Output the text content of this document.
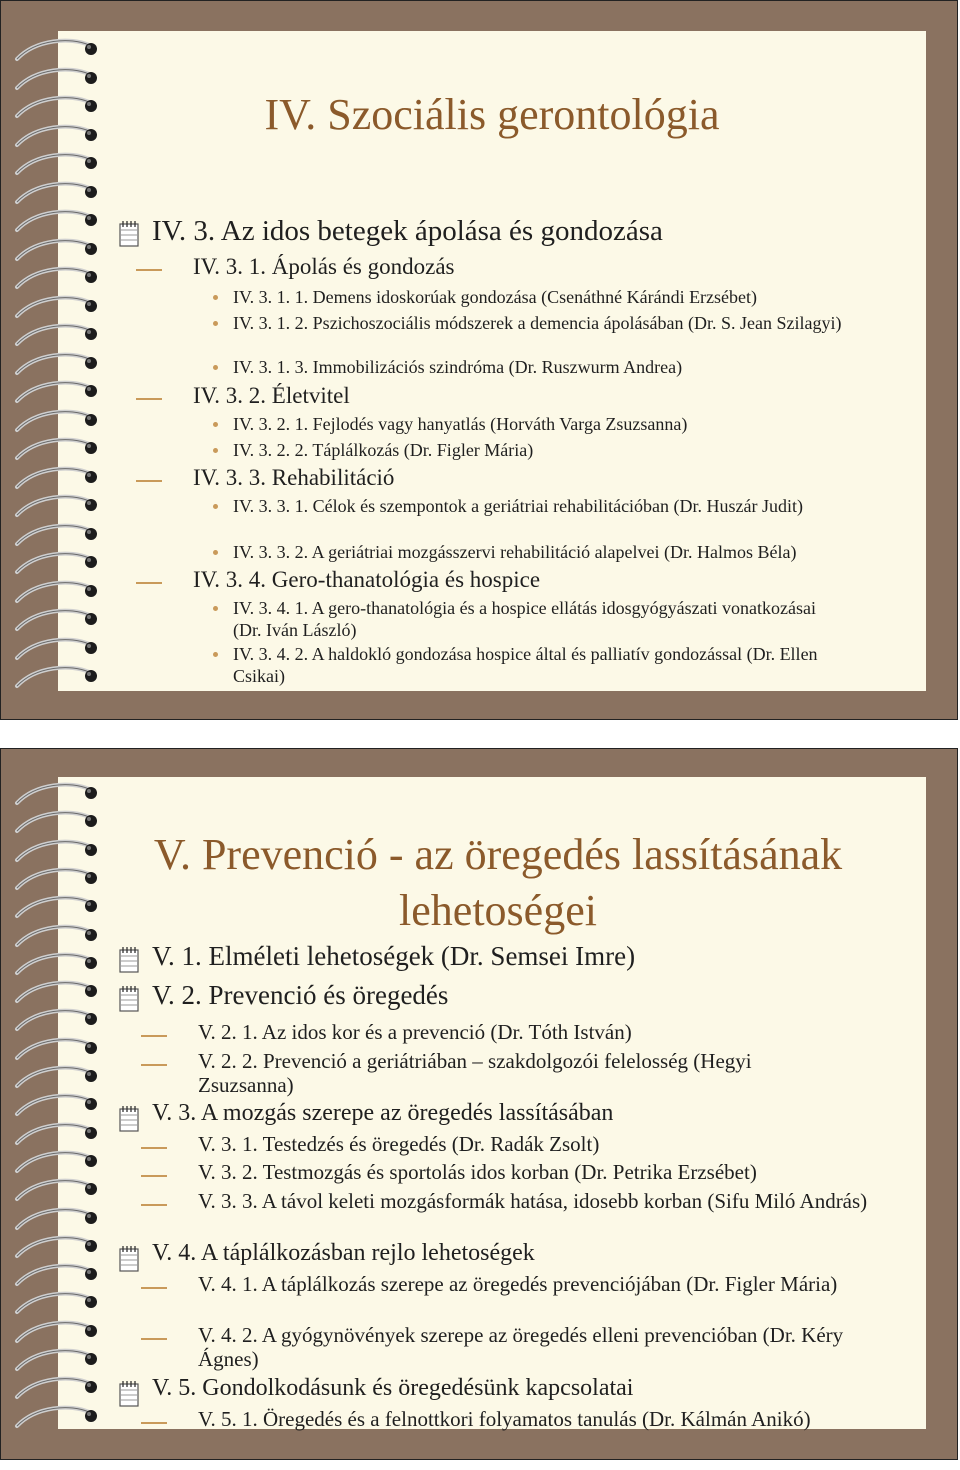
IV. Szociális gerontológia
IV. 3. Az idos betegek ápolása és gondozása
IV. 3. 1. Ápolás és gondozás
IV. 3. 1. 1. Demens idoskorúak gondozása (Csenáthné Kárándi Erzsébet)
IV. 3. 1. 2. Pszichoszociális módszerek a demencia ápolásában (Dr. S. Jean Szilagyi)
IV. 3. 1. 3. Immobilizációs szindróma (Dr. Ruszwurm Andrea)
IV. 3. 2. Életvitel
IV. 3. 2. 1. Fejlodés vagy hanyatlás (Horváth Varga Zsuzsanna)
IV. 3. 2. 2. Táplálkozás (Dr. Figler Mária)
IV. 3. 3. Rehabilitáció
IV. 3. 3. 1. Célok és szempontok a geriátriai rehabilitációban (Dr. Huszár Judit)
IV. 3. 3. 2. A geriátriai mozgásszervi rehabilitáció alapelvei (Dr. Halmos Béla)
IV. 3. 4. Gero-thanatológia és hospice
IV. 3. 4. 1. A gero-thanatológia és a hospice ellátás idosgyógyászati vonatkozásai (Dr. Iván László)
IV. 3. 4. 2. A haldokló gondozása hospice által és palliatív gondozással (Dr. Ellen Csikai)
V. Prevenció - az öregedés lassításának
lehetoségei
V. 1. Elméleti lehetoségek (Dr. Semsei Imre)
V. 2. Prevenció és öregedés
V. 2. 1. Az idos kor és a prevenció (Dr. Tóth István)
V. 2. 2. Prevenció a geriátriában – szakdolgozói felelosség (Hegyi Zsuzsanna)
V. 3. A mozgás szerepe az öregedés lassításában
V. 3. 1. Testedzés és öregedés (Dr. Radák Zsolt)
V. 3. 2. Testmozgás és sportolás idos korban (Dr. Petrika Erzsébet)
V. 3. 3. A távol keleti mozgásformák hatása, idosebb korban (Sifu Miló András)
V. 4. A táplálkozásban rejlo lehetoségek
V. 4. 1. A táplálkozás szerepe az öregedés prevenciójában (Dr. Figler Mária)
V. 4. 2. A gyógynövények szerepe az öregedés elleni prevencióban (Dr. Kéry Ágnes)
V. 5. Gondolkodásunk és öregedésünk kapcsolatai
V. 5. 1. Öregedés és a felnottkori folyamatos tanulás (Dr. Kálmán Anikó)
